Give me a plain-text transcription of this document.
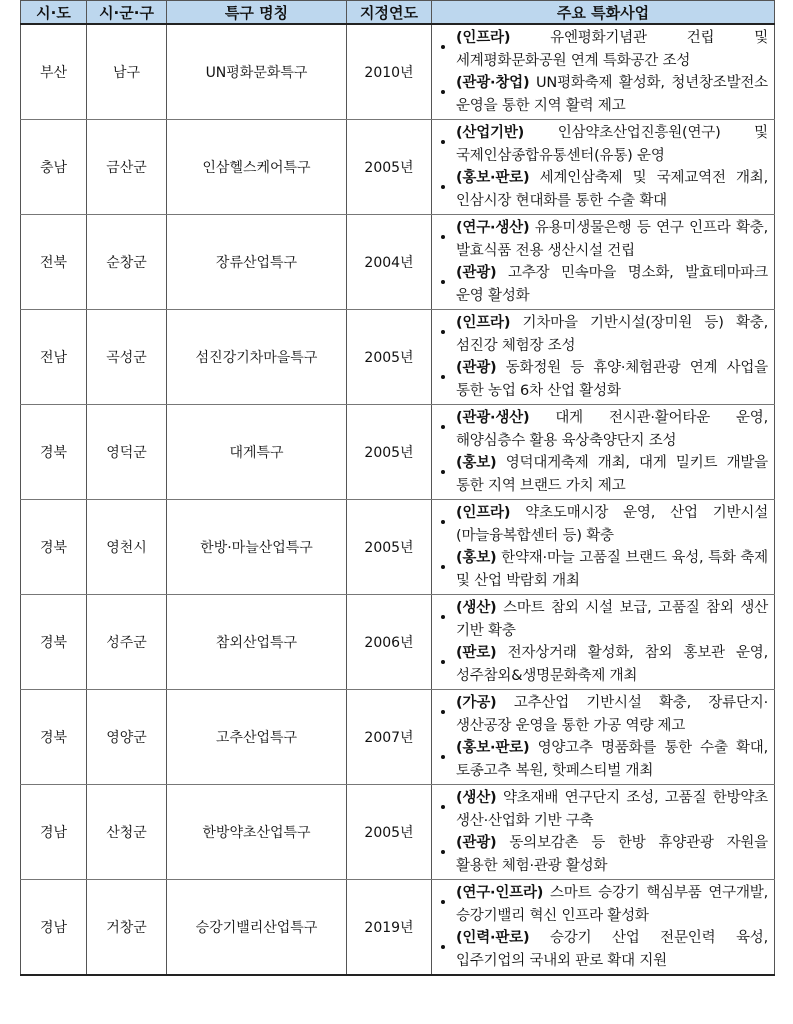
시·도	시·군·구	특구 명칭	지정연도	주요 특화사업
부산	남구	UN평화문화특구	2010년	(인프라) 유엔평화기념관 건립 및 세계평화문화공원 연계 특화공간 조성
(관광·창업) UN평화축제 활성화, 청년창조발전소 운영을 통한 지역 활력 제고

충남	금산군	인삼헬스케어특구	2005년	(산업기반) 인삼약초산업진흥원(연구) 및 국제인삼종합유통센터(유통) 운영
(홍보·판로) 세계인삼축제 및 국제교역전 개최, 인삼시장 현대화를 통한 수출 확대

전북	순창군	장류산업특구	2004년	(연구·생산) 유용미생물은행 등 연구 인프라 확충, 발효식품 전용 생산시설 건립
(관광) 고추장 민속마을 명소화, 발효테마파크 운영 활성화

전남	곡성군	섬진강기차마을특구	2005년	(인프라) 기차마을 기반시설(장미원 등) 확충, 섬진강 체험장 조성
(관광) 동화정원 등 휴양·체험관광 연계 사업을 통한 농업 6차 산업 활성화

경북	영덕군	대게특구	2005년	(관광·생산) 대게 전시관·활어타운 운영, 해양심층수 활용 육상축양단지 조성
(홍보) 영덕대게축제 개최, 대게 밀키트 개발을 통한 지역 브랜드 가치 제고

경북	영천시	한방·마늘산업특구	2005년	(인프라) 약초도매시장 운영, 산업 기반시설(마늘융복합센터 등) 확충
(홍보) 한약재·마늘 고품질 브랜드 육성, 특화 축제 및 산업 박람회 개최

경북	성주군	참외산업특구	2006년	(생산) 스마트 참외 시설 보급, 고품질 참외 생산 기반 확충
(판로) 전자상거래 활성화, 참외 홍보관 운영, 성주참외&생명문화축제 개최

경북	영양군	고추산업특구	2007년	(가공) 고추산업 기반시설 확충, 장류단지·생산공장 운영을 통한 가공 역량 제고
(홍보·판로) 영양고추 명품화를 통한 수출 확대, 토종고추 복원, 핫페스티벌 개최

경남	산청군	한방약초산업특구	2005년	(생산) 약초재배 연구단지 조성, 고품질 한방약초 생산·산업화 기반 구축
(관광) 동의보감촌 등 한방 휴양관광 자원을 활용한 체험·관광 활성화

경남	거창군	승강기밸리산업특구	2019년	(연구·인프라) 스마트 승강기 핵심부품 연구개발, 승강기밸리 혁신 인프라 활성화
(인력·판로) 승강기 산업 전문인력 육성, 입주기업의 국내외 판로 확대 지원
